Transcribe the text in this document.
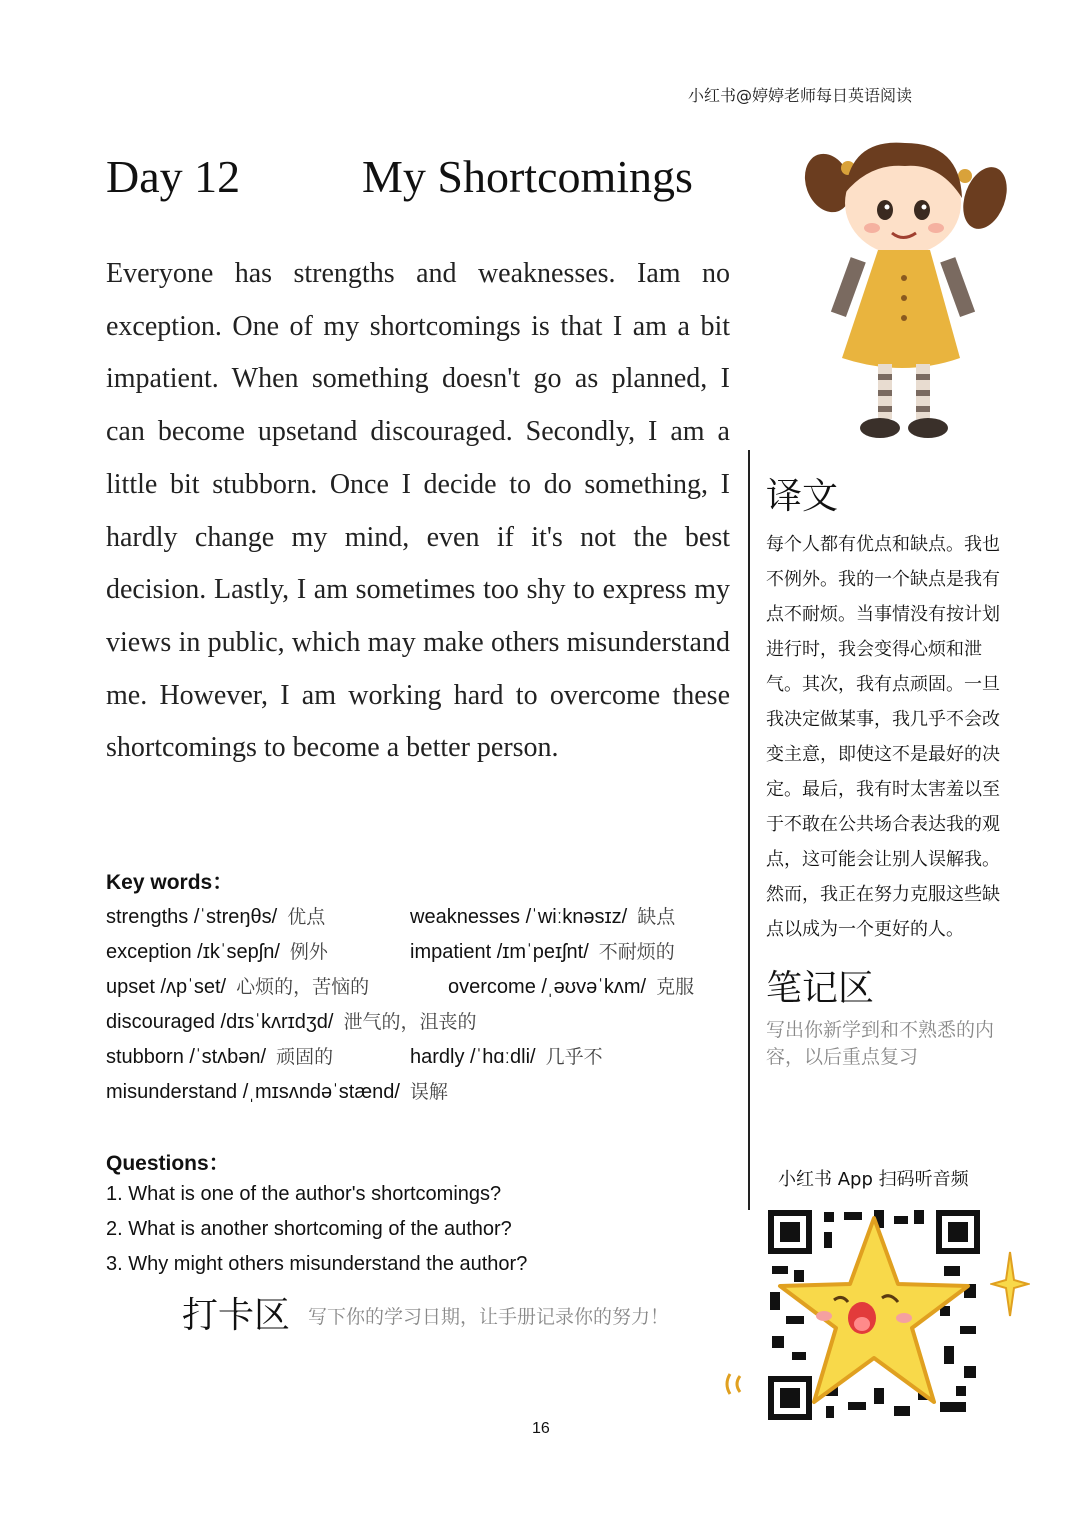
小红书@婷婷老师每日英语阅读
Day 12	My Shortcomings

Everyone has strengths and weaknesses. Iam no exception. One of my shortcomings is that I am a bit impatient. When something doesn't go as planned, I can become upsetand discouraged. Secondly, I am a little bit stubborn. Once I decide to do something, I hardly change my mind, even if it's not the best decision. Lastly, I am sometimes too shy to express my views in public, which may make others misunderstand me. However, I am working hard to overcome these shortcomings to become a better person.

译文

每个人都有优点和缺点。我也不例外。我的一个缺点是我有点不耐烦。当事情没有按计划进行时，我会变得心烦和泄气。其次，我有点顽固。一旦我决定做某事，我几乎不会改变主意，即使这不是最好的决定。最后，我有时太害羞以至于不敢在公共场合表达我的观点，这可能会让别人误解我。然而，我正在努力克服这些缺点以成为一个更好的人。

笔记区

写出你新学到和不熟悉的内容，以后重点复习

Key words：
strengths /ˈstreŋθs/ 优点	weaknesses /ˈwiːknəsɪz/ 缺点
exception /ɪkˈsepʃn/ 例外	impatient /ɪmˈpeɪʃnt/ 不耐烦的
upset /ʌpˈset/ 心烦的，苦恼的	overcome /ˌəʊvəˈkʌm/ 克服
discouraged /dɪsˈkʌrɪdʒd/ 泄气的，沮丧的
stubborn /ˈstʌbən/ 顽固的	hardly /ˈhɑːdli/ 几乎不
misunderstand /ˌmɪsʌndəˈstænd/ 误解
Questions：
1. What is one of the author's shortcomings?
2. What is another shortcoming of the author?
3. Why might others misunderstand the author?
打卡区 写下你的学习日期，让手册记录你的努力！
16
小红书 App 扫码听音频
